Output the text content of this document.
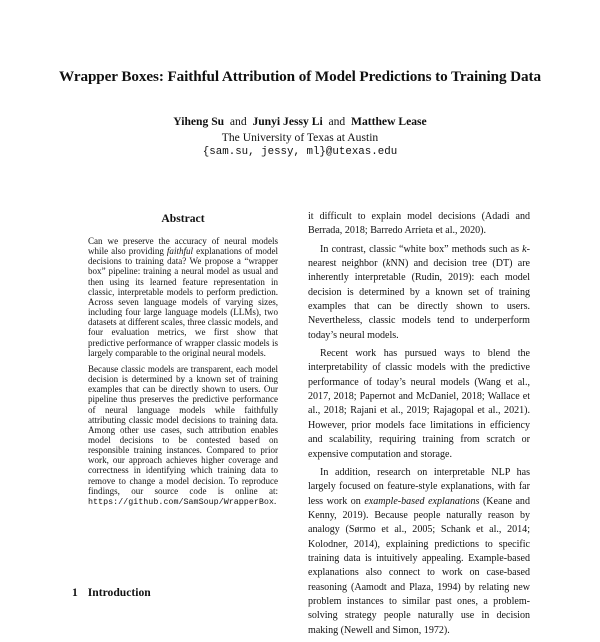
Wrapper Boxes: Faithful Attribution of Model Predictions to Training Data
Yiheng Su and Junyi Jessy Li and Matthew Lease
The University of Texas at Austin
{sam.su, jessy, ml}@utexas.edu
Abstract

Can we preserve the accuracy of neural models while also providing faithful explanations of model decisions to training data? We propose a “wrapper box” pipeline: training a neural model as usual and then using its learned feature representation in classic, interpretable models to perform prediction. Across seven language models of varying sizes, including four large language models (LLMs), two datasets at different scales, three classic models, and four evaluation metrics, we first show that predictive performance of wrapper classic models is largely comparable to the original neural models.

Because classic models are transparent, each model decision is determined by a known set of training examples that can be directly shown to users. Our pipeline thus preserves the predictive performance of neural language models while faithfully attributing classic model decisions to training data. Among other use cases, such attribution enables model decisions to be contested based on responsible training instances. Compared to prior work, our approach achieves higher coverage and correctness in identifying which training data to remove to change a model decision. To reproduce findings, our source code is online at: https://github.com/SamSoup/WrapperBox.

1 Introduction

it difficult to explain model decisions (Adadi and Berrada, 2018; Barredo Arrieta et al., 2020).

In contrast, classic “white box” methods such as k-nearest neighbor (kNN) and decision tree (DT) are inherently interpretable (Rudin, 2019): each model decision is determined by a known set of training examples that can be directly shown to users. Nevertheless, classic models tend to underperform today’s neural models.

Recent work has pursued ways to blend the interpretability of classic models with the predictive performance of today’s neural models (Wang et al., 2017, 2018; Papernot and McDaniel, 2018; Wallace et al., 2018; Rajani et al., 2019; Rajagopal et al., 2021). However, prior models face limitations in efficiency and scalability, requiring training from scratch or expensive computation and storage.

In addition, research on interpretable NLP has largely focused on feature-style explanations, with far less work on example-based explanations (Keane and Kenny, 2019). Because people naturally reason by analogy (Sørmo et al., 2005; Schank et al., 2014; Kolodner, 2014), explaining predictions to specific training data is intuitively appealing. Example-based explanations also connect to work on case-based reasoning (Aamodt and Plaza, 1994) by relating new problem instances to similar past ones, a problem-solving strategy people naturally use in decision making (Newell and Simon, 1972).
